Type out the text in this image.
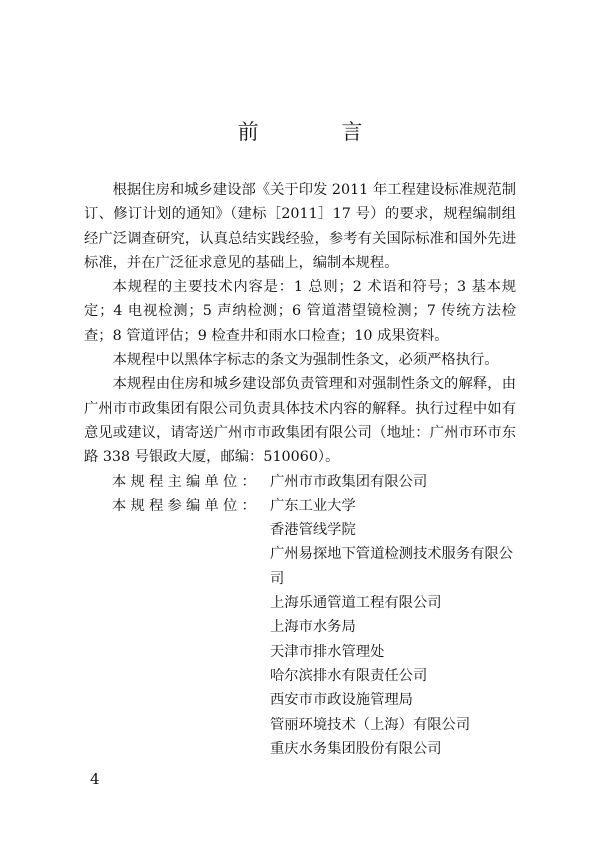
前 言

根据住房和城乡建设部《关于印发 2011 年工程建设标准规范制订、修订计划的通知》（建标［2011］17 号）的要求，规程编制组经广泛调查研究，认真总结实践经验，参考有关国际标准和国外先进标准，并在广泛征求意见的基础上，编制本规程。

本规程的主要技术内容是：1 总则；2 术语和符号；3 基本规定；4 电视检测；5 声纳检测；6 管道潜望镜检测；7 传统方法检查；8 管道评估；9 检查井和雨水口检查；10 成果资料。

本规程中以黑体字标志的条文为强制性条文，必须严格执行。

本规程由住房和城乡建设部负责管理和对强制性条文的解释，由广州市市政集团有限公司负责具体技术内容的解释。执行过程中如有意见或建议，请寄送广州市市政集团有限公司（地址：广州市环市东路 338 号银政大厦，邮编：510060）。

本规程主编单位： 广州市市政集团有限公司
本规程参编单位： 广东工业大学
香港管线学院
广州易探地下管道检测技术服务有限公司
上海乐通管道工程有限公司
上海市水务局
天津市排水管理处
哈尔滨排水有限责任公司
西安市市政设施管理局
管丽环境技术（上海）有限公司
重庆水务集团股份有限公司
4
